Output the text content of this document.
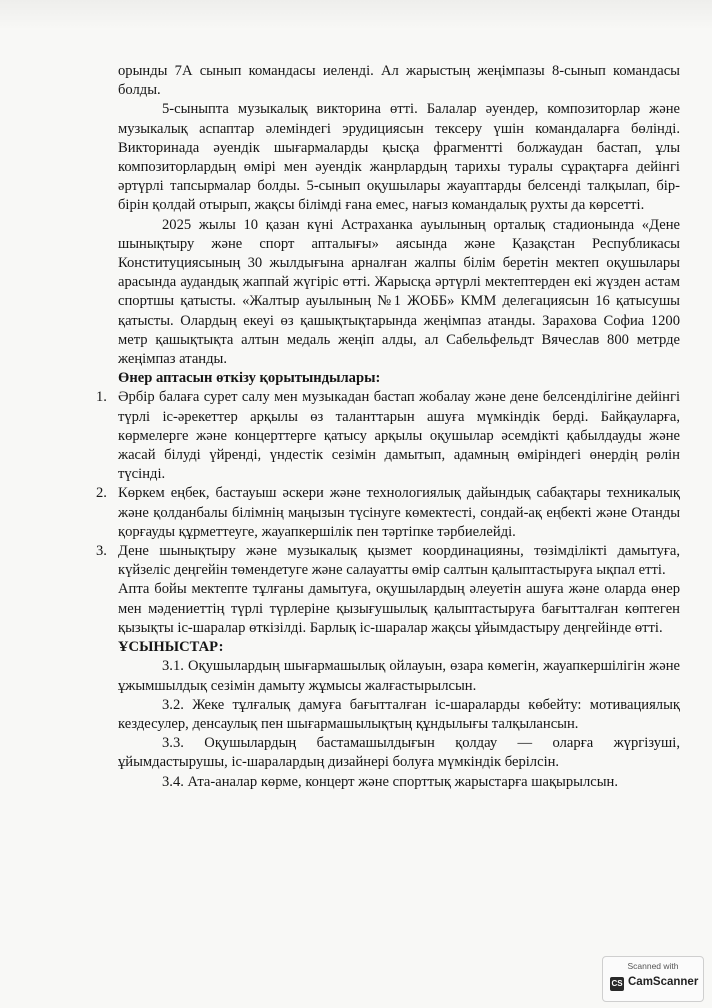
орынды 7А сынып командасы иеленді. Ал жарыстың жеңімпазы 8-сынып командасы болды.

5-сыныпта музыкалық викторина өтті. Балалар әуендер, композиторлар және музыкалық аспаптар әлеміндегі эрудициясын тексеру үшін командаларға бөлінді. Викторинада әуендік шығармаларды қысқа фрагментті болжаудан бастап, ұлы композиторлардың өмірі мен әуендік жанрлардың тарихы туралы сұрақтарға дейінгі әртүрлі тапсырмалар болды. 5-сынып оқушылары жауаптарды белсенді талқылап, бір-бірін қолдай отырып, жақсы білімді ғана емес, нағыз командалық рухты да көрсетті.

2025 жылы 10 қазан күні Астраханка ауылының орталық стадионында «Дене шынықтыру және спорт апталығы» аясында және Қазақстан Республикасы Конституциясының 30 жылдығына арналған жалпы білім беретін мектеп оқушылары арасында аудандық жаппай жүгіріс өтті. Жарысқа әртүрлі мектептерден екі жүзден астам спортшы қатысты. «Жалтыр ауылының №1 ЖОББ» КММ делегациясын 16 қатысушы қатысты. Олардың екеуі өз қашықтықтарында жеңімпаз атанды. Зарахова Софиа 1200 метр қашықтықта алтын медаль жеңіп алды, ал Сабельфельдт Вячеслав 800 метрде жеңімпаз атанды.

Өнер аптасын өткізу қорытындылары:

1. Әрбір балаға сурет салу мен музыкадан бастап жобалау және дене белсенділігіне дейінгі түрлі іс-әрекеттер арқылы өз таланттарын ашуға мүмкіндік берді. Байқауларға, көрмелерге және концерттерге қатысу арқылы оқушылар әсемдікті қабылдауды және жасай білуді үйренді, үндестік сезімін дамытып, адамның өміріндегі өнердің рөлін түсінді.
2. Көркем еңбек, бастауыш әскери және технологиялық дайындық сабақтары техникалық және қолданбалы білімнің маңызын түсінуге көмектесті, сондай-ақ еңбекті және Отанды қорғауды құрметтеуге, жауапкершілік пен тәртіпке тәрбиелейді.
3. Дене шынықтыру және музыкалық қызмет координацияны, төзімділікті дамытуға, күйзеліс деңгейін төмендетуге және салауатты өмір салтын қалыптастыруға ықпал етті.

Апта бойы мектепте тұлғаны дамытуға, оқушылардың әлеуетін ашуға және оларда өнер мен мәдениеттің түрлі түрлеріне қызығушылық қалыптастыруға бағытталған көптеген қызықты іс-шаралар өткізілді. Барлық іс-шаралар жақсы ұйымдастыру деңгейінде өтті.

ҰСЫНЫСТАР:

3.1. Оқушылардың шығармашылық ойлауын, өзара көмегін, жауапкершілігін және ұжымшылдық сезімін дамыту жұмысы жалғастырылсын.

3.2. Жеке тұлғалық дамуға бағытталған іс-шараларды көбейту: мотивациялық кездесулер, денсаулық пен шығармашылықтың құндылығы талқылансын.

3.3. Оқушылардың бастамашылдығын қолдау — оларға жүргізуші, ұйымдастырушы, іс-шаралардың дизайнері болуға мүмкіндік берілсін.

3.4. Ата-аналар көрме, концерт және спорттық жарыстарға шақырылсын.

Scanned with
CS CamScanner
